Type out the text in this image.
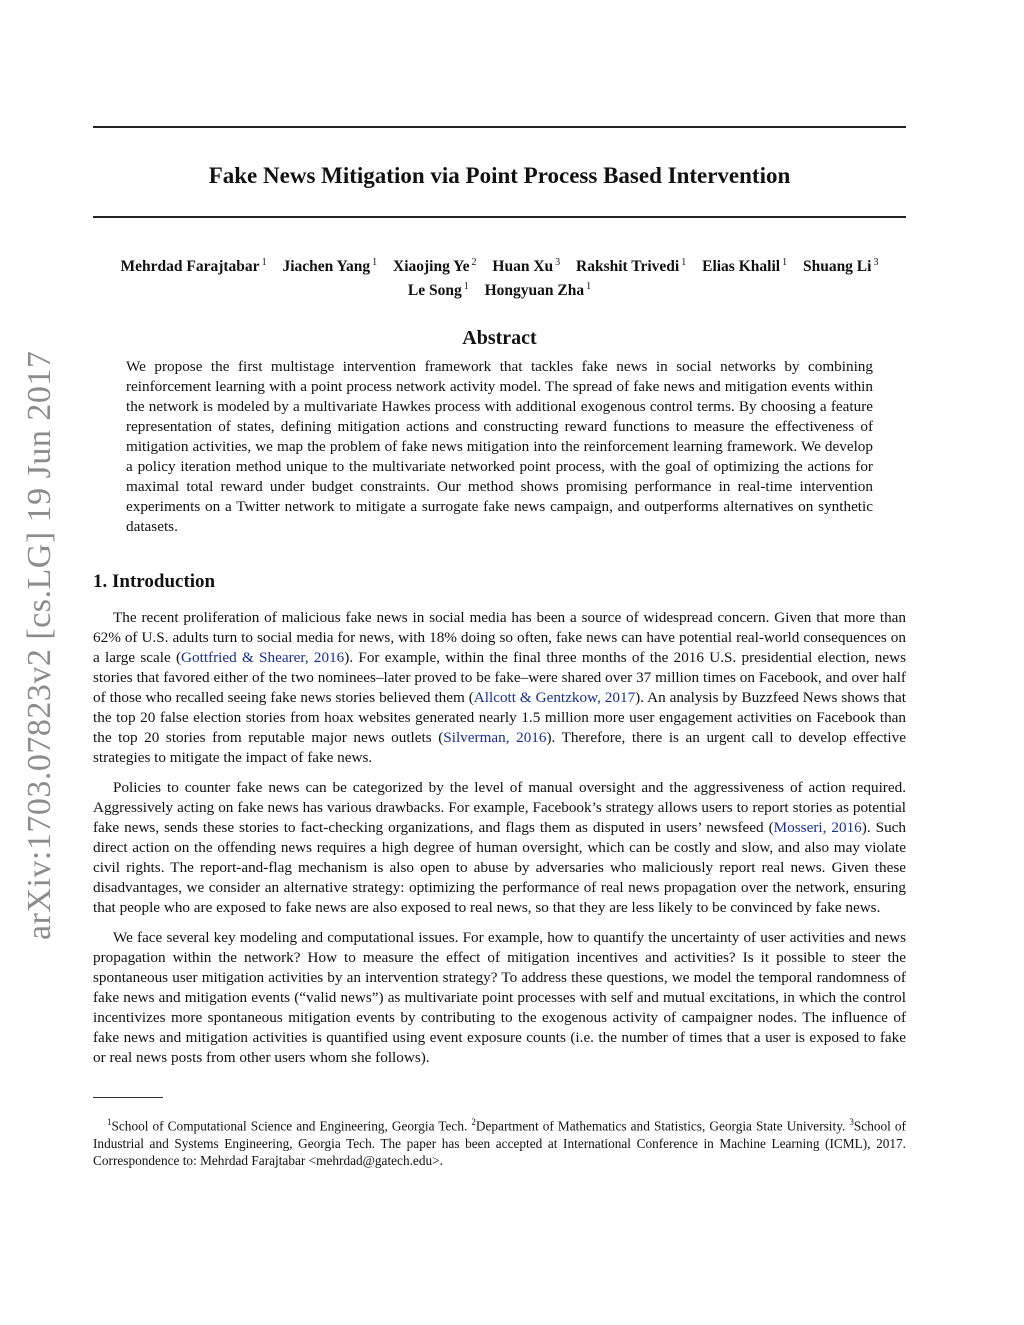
arXiv:1703.07823v2 [cs.LG] 19 Jun 2017
Fake News Mitigation via Point Process Based Intervention
Mehrdad Farajtabar $^1$ Jiachen Yang $^1$ Xiaojing Ye $^2$ Huan Xu $^3$ Rakshit Trivedi $^1$ Elias Khalil $^1$ Shuang Li $^3$
Le Song $^1$ Hongyuan Zha $^1$
Abstract

We propose the first multistage intervention framework that tackles fake news in social networks by combining reinforcement learning with a point process network activity model. The spread of fake news and mitigation events within the network is modeled by a multivariate Hawkes process with additional exogenous control terms. By choosing a feature representation of states, defining mitigation actions and constructing reward functions to measure the effectiveness of mitigation activities, we map the problem of fake news mitigation into the reinforcement learning framework. We develop a policy iteration method unique to the multivariate networked point process, with the goal of optimizing the actions for maximal total reward under budget constraints. Our method shows promising performance in real-time intervention experiments on a Twitter network to mitigate a surrogate fake news campaign, and outperforms alternatives on synthetic datasets.

1. Introduction

The recent proliferation of malicious fake news in social media has been a source of widespread concern. Given that more than 62% of U.S. adults turn to social media for news, with 18% doing so often, fake news can have potential real-world consequences on a large scale (Gottfried & Shearer, 2016). For example, within the final three months of the 2016 U.S. presidential election, news stories that favored either of the two nominees–later proved to be fake–were shared over 37 million times on Facebook, and over half of those who recalled seeing fake news stories believed them (Allcott & Gentzkow, 2017). An analysis by Buzzfeed News shows that the top 20 false election stories from hoax websites generated nearly 1.5 million more user engagement activities on Facebook than the top 20 stories from reputable major news outlets (Silverman, 2016). Therefore, there is an urgent call to develop effective strategies to mitigate the impact of fake news.

Policies to counter fake news can be categorized by the level of manual oversight and the aggressiveness of action required. Aggressively acting on fake news has various drawbacks. For example, Facebook’s strategy allows users to report stories as potential fake news, sends these stories to fact-checking organizations, and flags them as disputed in users’ newsfeed (Mosseri, 2016). Such direct action on the offending news requires a high degree of human oversight, which can be costly and slow, and also may violate civil rights. The report-and-flag mechanism is also open to abuse by adversaries who maliciously report real news. Given these disadvantages, we consider an alternative strategy: optimizing the performance of real news propagation over the network, ensuring that people who are exposed to fake news are also exposed to real news, so that they are less likely to be convinced by fake news.

We face several key modeling and computational issues. For example, how to quantify the uncertainty of user activities and news propagation within the network? How to measure the effect of mitigation incentives and activities? Is it possible to steer the spontaneous user mitigation activities by an intervention strategy? To address these questions, we model the temporal randomness of fake news and mitigation events (“valid news”) as multivariate point processes with self and mutual excitations, in which the control incentivizes more spontaneous mitigation events by contributing to the exogenous activity of campaigner nodes. The influence of fake news and mitigation activities is quantified using event exposure counts (i.e. the number of times that a user is exposed to fake or real news posts from other users whom she follows).

$^1$School of Computational Science and Engineering, Georgia Tech. $^2$Department of Mathematics and Statistics, Georgia State University. $^3$School of Industrial and Systems Engineering, Georgia Tech. The paper has been accepted at International Conference in Machine Learning (ICML), 2017. Correspondence to: Mehrdad Farajtabar <mehrdad@gatech.edu>.
